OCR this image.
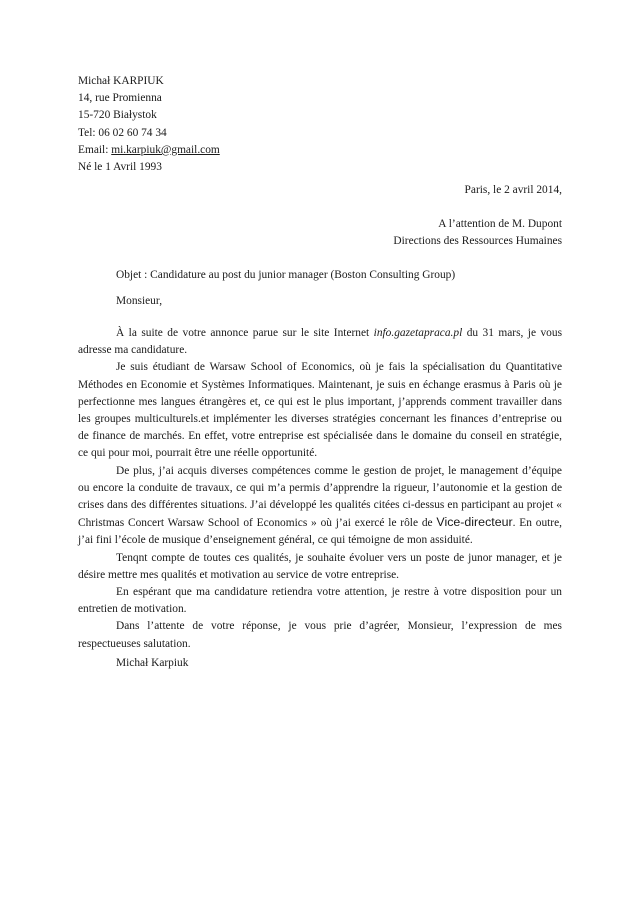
Michał KARPIUK
14, rue Promienna
15-720 Białystok
Tel: 06 02 60 74 34
Email: mi.karpiuk@gmail.com
Né le 1 Avril 1993
Paris, le 2 avril 2014,
A l’attention de M. Dupont
Directions des Ressources Humaines
Objet : Candidature au post du junior manager (Boston Consulting Group)
Monsieur,

À la suite de votre annonce parue sur le site Internet info.gazetapraca.pl du 31 mars, je vous adresse ma candidature.

Je suis étudiant de Warsaw School of Economics, où je fais la spécialisation du Quantitative Méthodes en Economie et Systèmes Informatiques. Maintenant, je suis en échange erasmus à Paris où je perfectionne mes langues étrangères et, ce qui est le plus important, j’apprends comment travailler dans les groupes multiculturels.et implémenter les diverses stratégies concernant les finances d’entreprise ou de finance de marchés. En effet, votre entreprise est spécialisée dans le domaine du conseil en stratégie, ce qui pour moi, pourrait être une réelle opportunité.

De plus, j’ai acquis diverses compétences comme le gestion de projet, le management d’équipe ou encore la conduite de travaux, ce qui m’a permis d’apprendre la rigueur, l’autonomie et la gestion de crises dans des différentes situations. J’ai développé les qualités citées ci-dessus en participant au projet « Christmas Concert Warsaw School of Economics » où j’ai exercé le rôle de Vice-directeur. En outre, j’ai fini l’école de musique d’enseignement général, ce qui témoigne de mon assiduité.

Tenqnt compte de toutes ces qualités, je souhaite évoluer vers un poste de junor manager, et je désire mettre mes qualités et motivation au service de votre entreprise.

En espérant que ma candidature retiendra votre attention, je restre à votre disposition pour un entretien de motivation.

Dans l’attente de votre réponse, je vous prie d’agréer, Monsieur, l’expression de mes respectueuses salutation.

Michał Karpiuk
